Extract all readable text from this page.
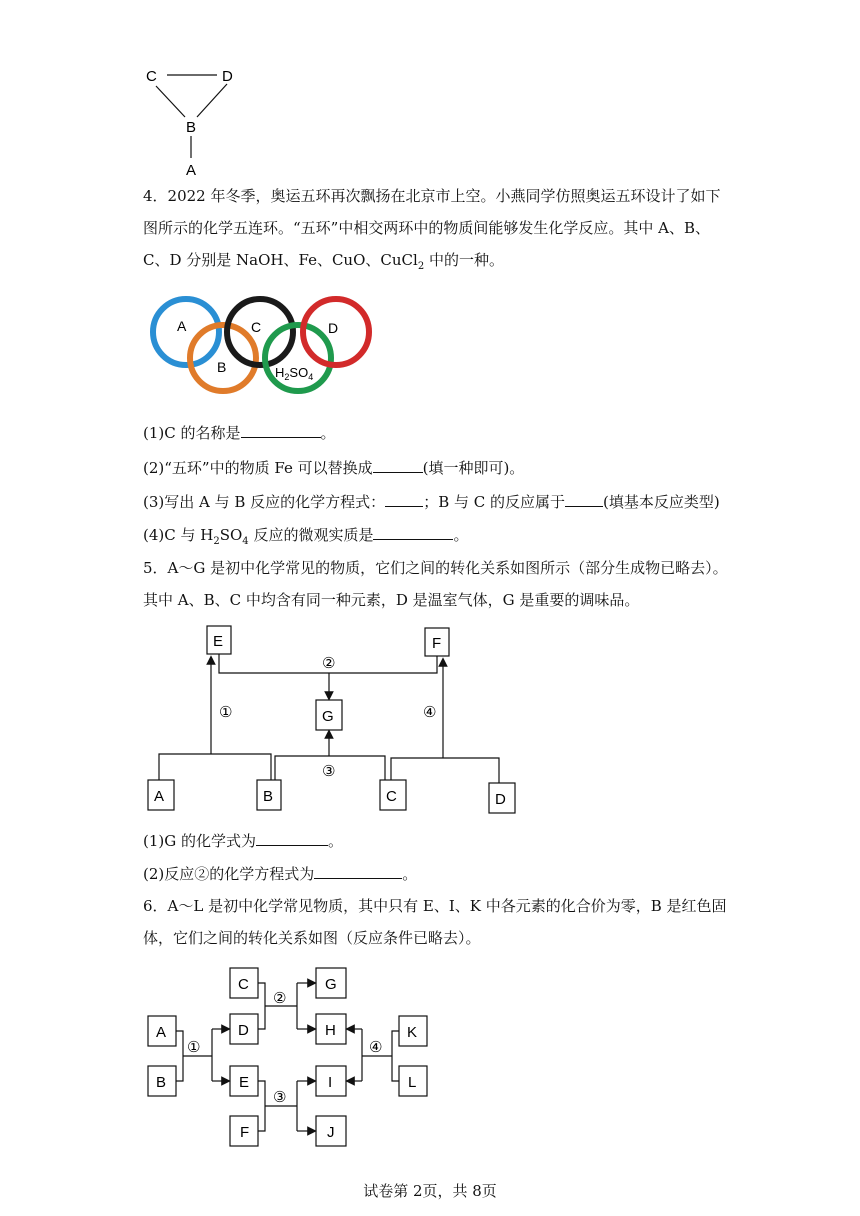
C	D
B
A
4．2022 年冬季，奥运五环再次飘扬在北京市上空。小燕同学仿照奥运五环设计了如下
图所示的化学五连环。“五环”中相交两环中的物质间能够发生化学反应。其中 A、B、
C、D 分别是 NaOH、Fe、CuO、CuCl$_2$ 中的一种。
A
B
C	D
$H_2SO_4$
(1)C 的名称是	。
(2)“五环”中的物质 Fe 可以替换成	(填一种即可)。
(3)写出 A 与 B 反应的化学方程式：	；B 与 C 的反应属于	(填基本反应类型)
(4)C 与 $H_2SO_4$ 反应的微观实质是	。
5．A～G 是初中化学常见的物质，它们之间的转化关系如图所示（部分生成物已略去）。
其中 A、B、C 中均含有同一种元素，D 是温室气体，G 是重要的调味品。
E	F
G
A	B	C	D
①
②
③
④
(1)G 的化学式为	。
(2)反应②的化学方程式为	。
6．A～L 是初中化学常见物质，其中只有 E、I、K 中各元素的化合价为零，B 是红色固
体，它们之间的转化关系如图（反应条件已略去）。
A
B
C
D
E
F
G
H
I
J
K
L
①
②
③
④
试卷第 2页，共 8页
